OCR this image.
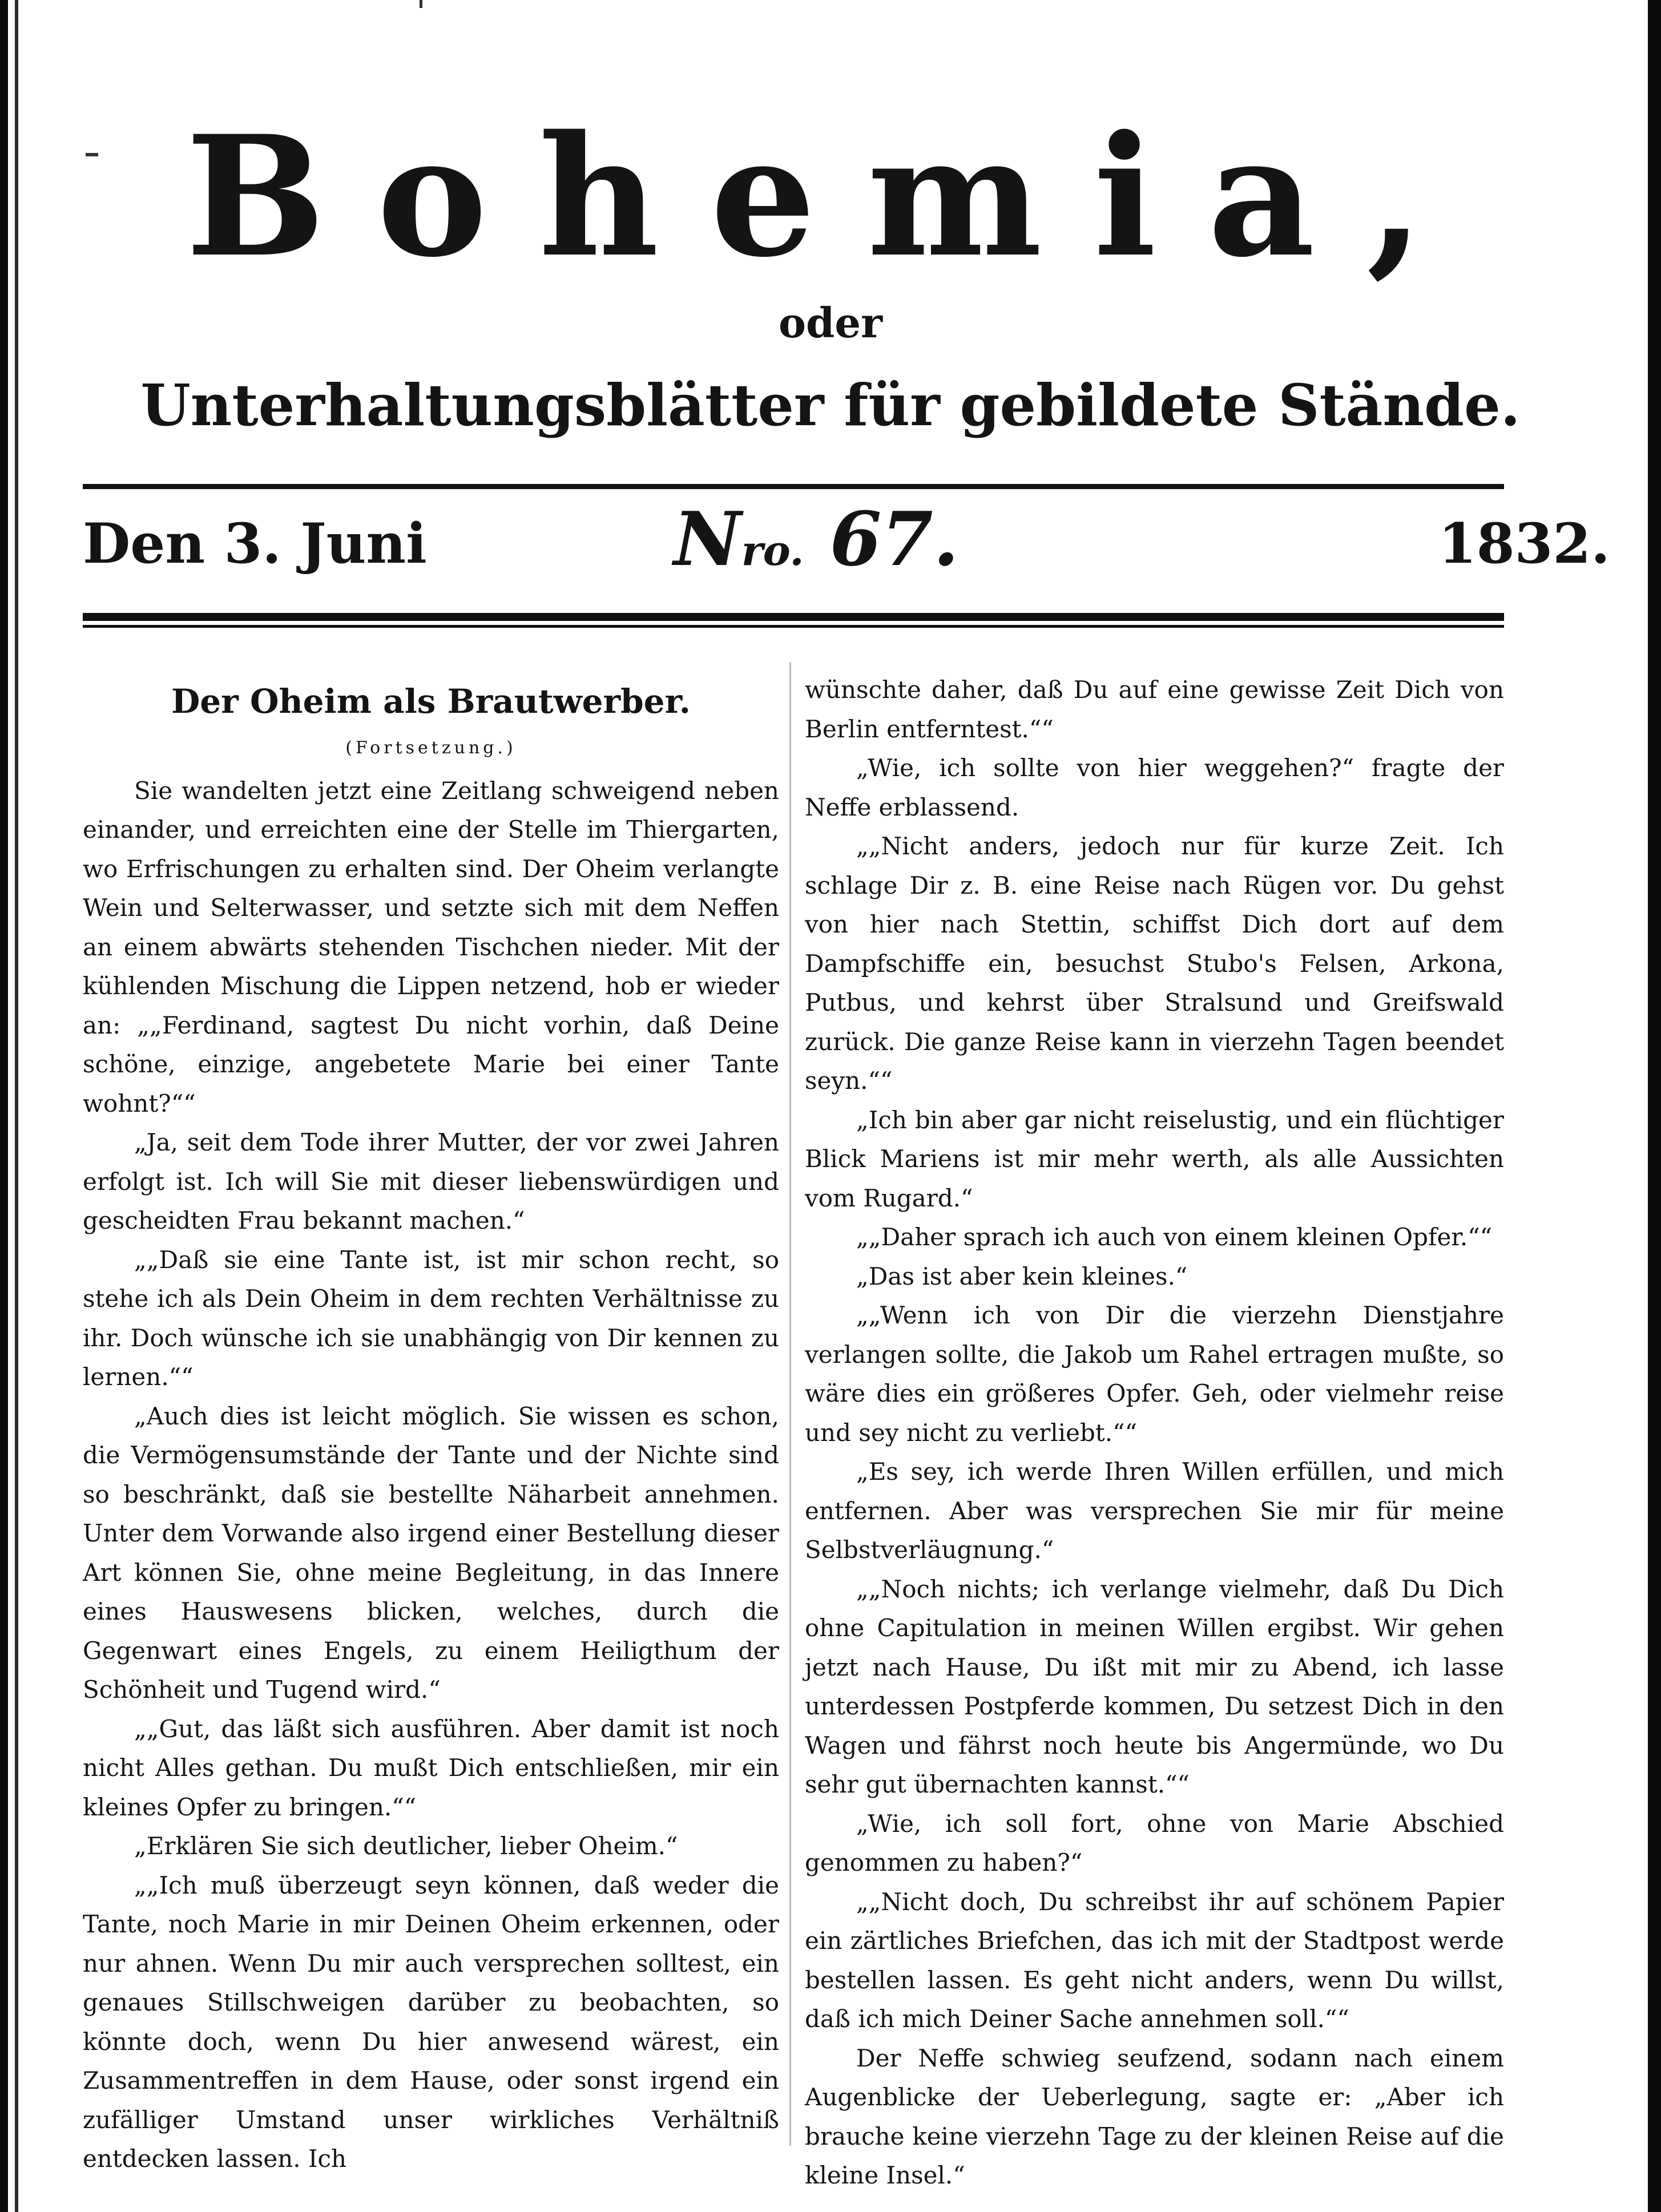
Bohemia,
oder
Unterhaltungsblätter für gebildete Stände.
Den 3. Juni	Nro. 67.	1832.
Der Oheim als Brautwerber.
(Fortsetzung.)

Sie wandelten jetzt eine Zeitlang schweigend neben einander, und erreichten eine der Stelle im Thiergarten, wo Erfrischungen zu erhalten sind. Der Oheim verlangte Wein und Selterwasser, und setzte sich mit dem Neffen an einem abwärts stehenden Tischchen nieder. Mit der kühlenden Mischung die Lippen netzend, hob er wieder an: „„Ferdinand, sagtest Du nicht vorhin, daß Deine schöne, einzige, angebetete Marie bei einer Tante wohnt?““

„Ja, seit dem Tode ihrer Mutter, der vor zwei Jahren erfolgt ist. Ich will Sie mit dieser liebenswürdigen und gescheidten Frau bekannt machen.“

„„Daß sie eine Tante ist, ist mir schon recht, so stehe ich als Dein Oheim in dem rechten Verhältnisse zu ihr. Doch wünsche ich sie unabhängig von Dir kennen zu lernen.““

„Auch dies ist leicht möglich. Sie wissen es schon, die Vermögensumstände der Tante und der Nichte sind so beschränkt, daß sie bestellte Näharbeit annehmen. Unter dem Vorwande also irgend einer Bestellung dieser Art können Sie, ohne meine Begleitung, in das Innere eines Hauswesens blicken, welches, durch die Gegenwart eines Engels, zu einem Heiligthum der Schönheit und Tugend wird.“

„„Gut, das läßt sich ausführen. Aber damit ist noch nicht Alles gethan. Du mußt Dich entschließen, mir ein kleines Opfer zu bringen.““

„Erklären Sie sich deutlicher, lieber Oheim.“

„„Ich muß überzeugt seyn können, daß weder die Tante, noch Marie in mir Deinen Oheim erkennen, oder nur ahnen. Wenn Du mir auch versprechen solltest, ein genaues Stillschweigen darüber zu beobachten, so könnte doch, wenn Du hier anwesend wärest, ein Zusammentreffen in dem Hause, oder sonst irgend ein zufälliger Umstand unser wirkliches Verhältniß entdecken lassen. Ich

wünschte daher, daß Du auf eine gewisse Zeit Dich von Berlin entferntest.““

„Wie, ich sollte von hier weggehen?“ fragte der Neffe erblassend.

„„Nicht anders, jedoch nur für kurze Zeit. Ich schlage Dir z. B. eine Reise nach Rügen vor. Du gehst von hier nach Stettin, schiffst Dich dort auf dem Dampfschiffe ein, besuchst Stubo's Felsen, Arkona, Putbus, und kehrst über Stralsund und Greifswald zurück. Die ganze Reise kann in vierzehn Tagen beendet seyn.““

„Ich bin aber gar nicht reiselustig, und ein flüchtiger Blick Mariens ist mir mehr werth, als alle Aussichten vom Rugard.“

„„Daher sprach ich auch von einem kleinen Opfer.““

„Das ist aber kein kleines.“

„„Wenn ich von Dir die vierzehn Dienstjahre verlangen sollte, die Jakob um Rahel ertragen mußte, so wäre dies ein größeres Opfer. Geh, oder vielmehr reise und sey nicht zu verliebt.““

„Es sey, ich werde Ihren Willen erfüllen, und mich entfernen. Aber was versprechen Sie mir für meine Selbstverläugnung.“

„„Noch nichts; ich verlange vielmehr, daß Du Dich ohne Capitulation in meinen Willen ergibst. Wir gehen jetzt nach Hause, Du ißt mit mir zu Abend, ich lasse unterdessen Postpferde kommen, Du setzest Dich in den Wagen und fährst noch heute bis Angermünde, wo Du sehr gut übernachten kannst.““

„Wie, ich soll fort, ohne von Marie Abschied genommen zu haben?“

„„Nicht doch, Du schreibst ihr auf schönem Papier ein zärtliches Briefchen, das ich mit der Stadtpost werde bestellen lassen. Es geht nicht anders, wenn Du willst, daß ich mich Deiner Sache annehmen soll.““

Der Neffe schwieg seufzend, sodann nach einem Augenblicke der Ueberlegung, sagte er: „Aber ich brauche keine vierzehn Tage zu der kleinen Reise auf die kleine Insel.“
